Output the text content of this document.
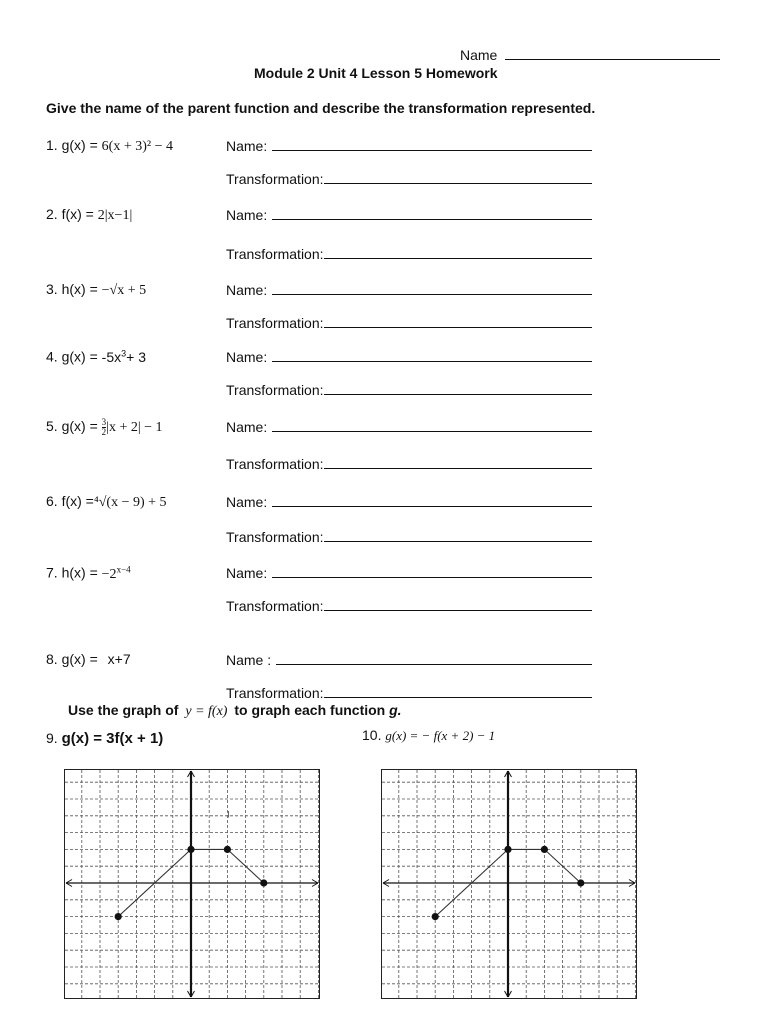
Name
Module 2 Unit 4 Lesson 5 Homework
Give the name of the parent function and describe the transformation represented.
1. g(x) = 6(x + 3)² − 4	Name:
Transformation:
2. f(x) = 2|x−1|	Name:
Transformation:
3. h(x) = −√x + 5	Name:
Transformation:
4. $g(x) = -5x^3+ 3$	Name:
Transformation:
5. $g(x) = \frac{3}{2} |x + 2| - 1$	Name:
Transformation:
6. f(x) =⁴√(x − 9) + 5	Name:
Transformation:
7. $h(x) = -2^{x-4}$	Name:
Transformation:
8. g(x) = x+7	Name :
Transformation:
Use the graph of y = f(x) to graph each function g.
9. g(x) = 3f(x + 1)	10. g(x) = − f(x + 2) − 1
I
